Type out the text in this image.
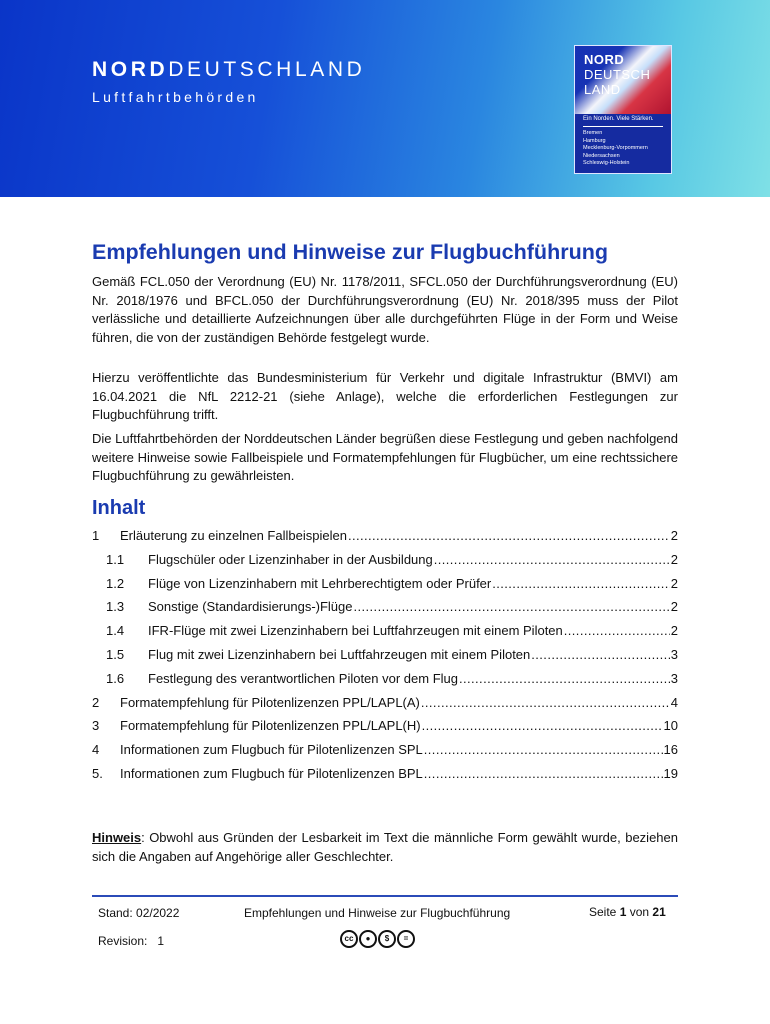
NORDDEUTSCHLAND
Luftfahrtbehörden
NORD
DEUTSCH
LAND
Ein Norden. Viele Stärken.
Bremen
Hamburg
Mecklenburg-Vorpommern
Niedersachsen
Schleswig-Holstein
Empfehlungen und Hinweise zur Flugbuchführung

Gemäß FCL.050 der Verordnung (EU) Nr. 1178/2011, SFCL.050 der Durchführungsverordnung (EU) Nr. 2018/1976 und BFCL.050 der Durchführungsverordnung (EU) Nr. 2018/395 muss der Pilot verlässliche und detaillierte Aufzeichnungen über alle durchgeführten Flüge in der Form und Weise führen, die von der zuständigen Behörde festgelegt wurde.

Hierzu veröffentlichte das Bundesministerium für Verkehr und digitale Infrastruktur (BMVI) am 16.04.2021 die NfL 2212-21 (siehe Anlage), welche die erforderlichen Festlegungen zur Flugbuchführung trifft.

Die Luftfahrtbehörden der Norddeutschen Länder begrüßen diese Festlegung und geben nachfolgend weitere Hinweise sowie Fallbeispiele und Formatempfehlungen für Flugbücher, um eine rechtssichere Flugbuchführung zu gewährleisten.

Inhalt
1	Erläuterung zu einzelnen Fallbeispielen .....	2
1.1	Flugschüler oder Lizenzinhaber in der Ausbildung .....	2
1.2	Flüge von Lizenzinhabern mit Lehrberechtigtem oder Prüfer .....	2
1.3	Sonstige (Standardisierungs-)Flüge .....	2
1.4	IFR-Flüge mit zwei Lizenzinhabern bei Luftfahrzeugen mit einem Piloten .....	2
1.5	Flug mit zwei Lizenzinhabern bei Luftfahrzeugen mit einem Piloten .....	3
1.6	Festlegung des verantwortlichen Piloten vor dem Flug .....	3
2	Formatempfehlung für Pilotenlizenzen PPL/LAPL(A) .....	4
3	Formatempfehlung für Pilotenlizenzen PPL/LAPL(H) .....	10
4	Informationen zum Flugbuch für Pilotenlizenzen SPL .....	16
5.	Informationen zum Flugbuch für Pilotenlizenzen BPL .....	19

Hinweis: Obwohl aus Gründen der Lesbarkeit im Text die männliche Form gewählt wurde, beziehen sich die Angaben auf Angehörige aller Geschlechter.

Stand: 02/2022	Empfehlungen und Hinweise zur Flugbuchführung	Seite 1 von 21
Revision:   1	cc	●	$	=
